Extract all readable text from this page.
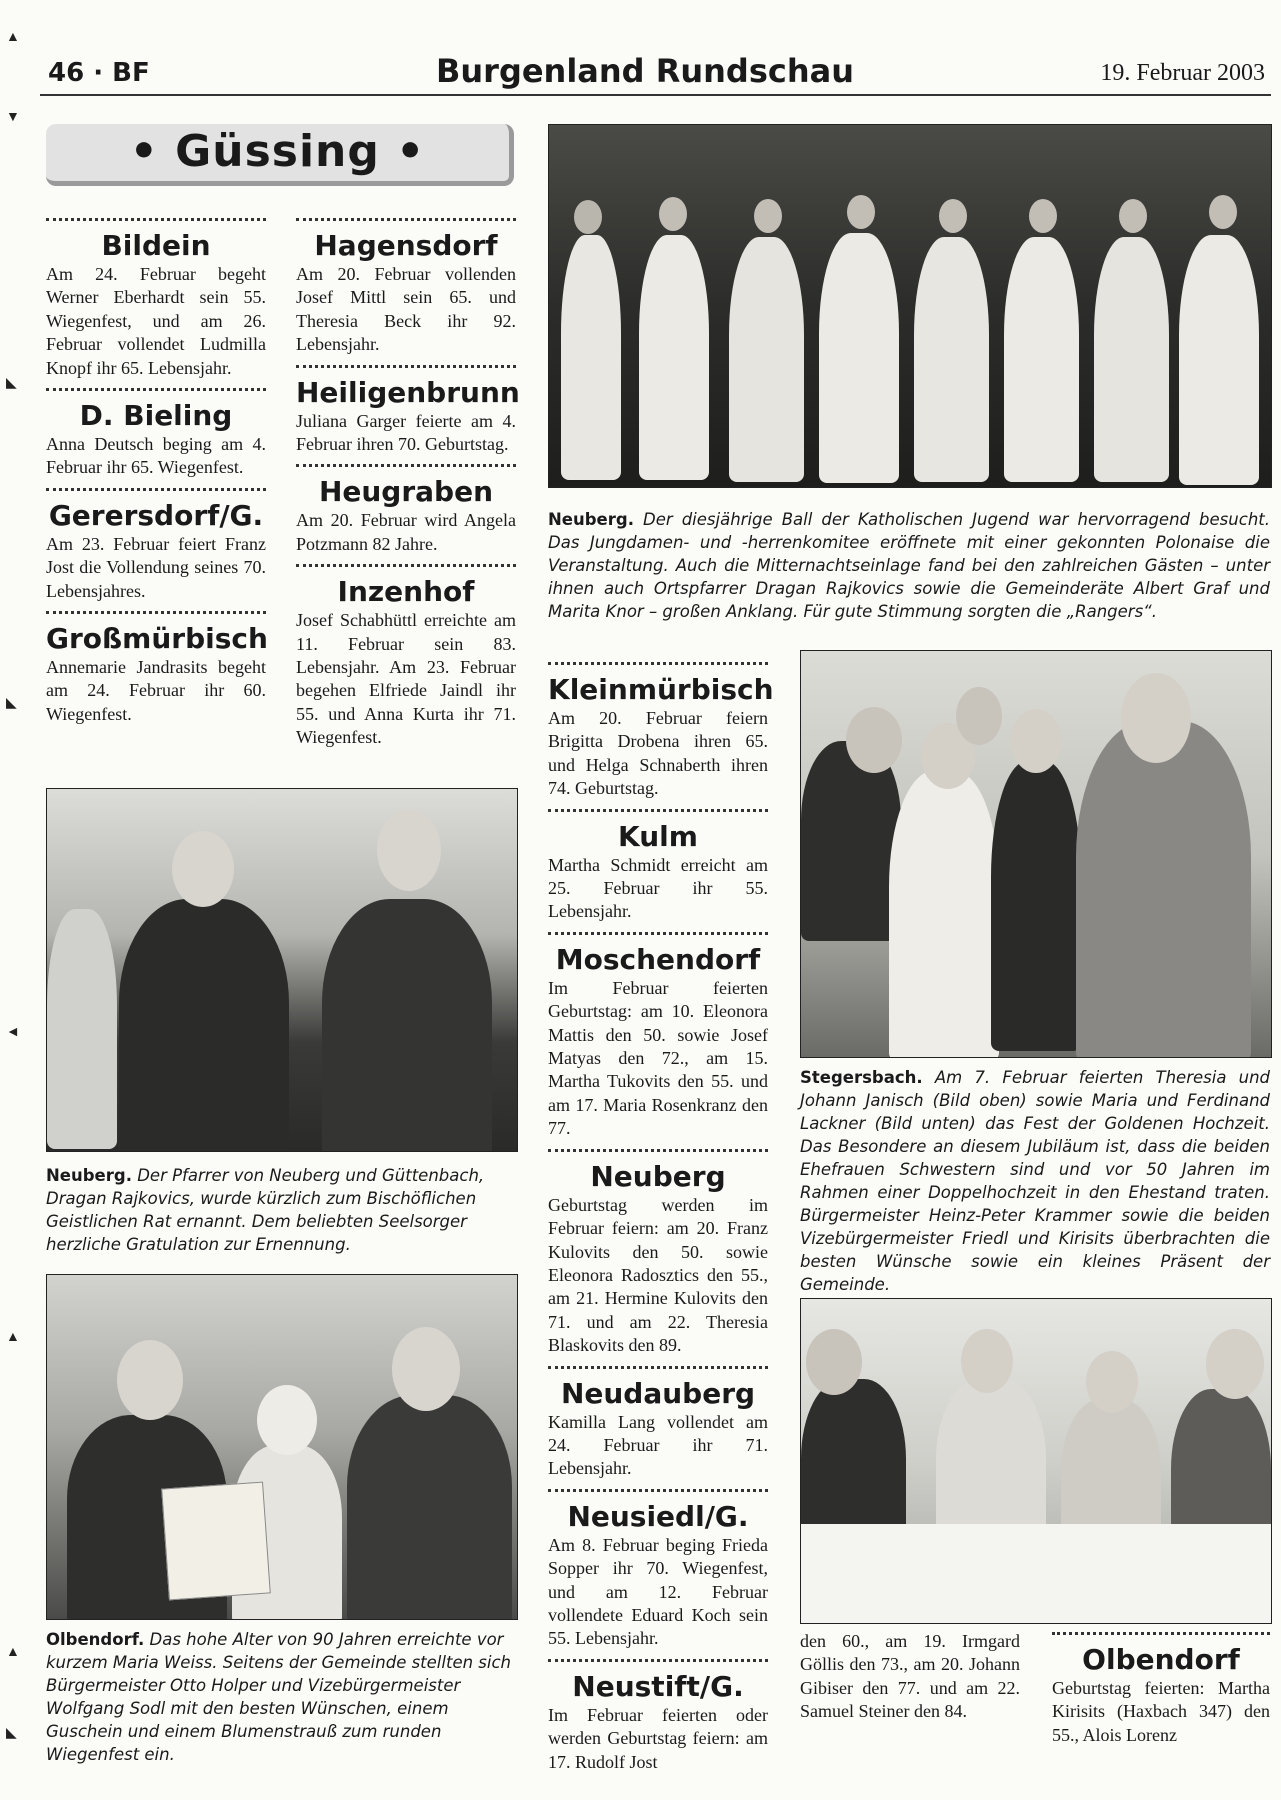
▲
▼
◣
◣
◄
▲
▲
◣
46 · BF	Burgenland Rundschau	19. Februar 2003
• Güssing •
Bildein
Am 24. Februar begeht Werner Eberhardt sein 55. Wiegenfest, und am 26. Februar vollendet Ludmilla Knopf ihr 65. Lebensjahr.
D. Bieling
Anna Deutsch beging am 4. Februar ihr 65. Wiegenfest.
Gerersdorf/G.
Am 23. Februar feiert Franz Jost die Vollendung seines 70. Lebensjahres.
Großmürbisch
Annemarie Jandrasits begeht am 24. Februar ihr 60. Wiegenfest.
Hagensdorf
Am 20. Februar vollenden Josef Mittl sein 65. und Theresia Beck ihr 92. Lebensjahr.
Heiligenbrunn
Juliana Garger feierte am 4. Februar ihren 70. Geburtstag.
Heugraben
Am 20. Februar wird Angela Potzmann 82 Jahre.
Inzenhof
Josef Schabhüttl erreichte am 11. Februar sein 83. Lebensjahr. Am 23. Februar begehen Elfriede Jaindl ihr 55. und Anna Kurta ihr 71. Wiegenfest.
Neuberg. Der diesjährige Ball der Katholischen Jugend war hervorragend besucht. Das Jungdamen- und -herrenkomitee eröffnete mit einer gekonnten Polonaise die Veranstaltung. Auch die Mitternachtseinlage fand bei den zahlreichen Gästen – unter ihnen auch Ortspfarrer Dragan Rajkovics sowie die Gemeinderäte Albert Graf und Marita Knor – großen Anklang. Für gute Stimmung sorgten die „Rangers“.
Kleinmürbisch
Am 20. Februar feiern Brigitta Drobena ihren 65. und Helga Schnaberth ihren 74. Geburtstag.
Kulm
Martha Schmidt erreicht am 25. Februar ihr 55. Lebensjahr.
Moschendorf
Im Februar feierten Geburtstag: am 10. Eleonora Mattis den 50. sowie Josef Matyas den 72., am 15. Martha Tukovits den 55. und am 17. Maria Rosenkranz den 77.
Neuberg
Geburtstag werden im Februar feiern: am 20. Franz Kulovits den 50. sowie Eleonora Radosztics den 55., am 21. Hermine Kulovits den 71. und am 22. Theresia Blaskovits den 89.
Neudauberg
Kamilla Lang vollendet am 24. Februar ihr 71. Lebensjahr.
Neusiedl/G.
Am 8. Februar beging Frieda Sopper ihr 70. Wiegenfest, und am 12. Februar vollendete Eduard Koch sein 55. Lebensjahr.
Neustift/G.
Im Februar feierten oder werden Geburtstag feiern: am 17. Rudolf Jost
Neuberg. Der Pfarrer von Neuberg und Güttenbach, Dragan Rajkovics, wurde kürzlich zum Bischöflichen Geistlichen Rat ernannt. Dem beliebten Seelsorger herzliche Gratulation zur Ernennung.
Olbendorf. Das hohe Alter von 90 Jahren erreichte vor kurzem Maria Weiss. Seitens der Gemeinde stellten sich Bürgermeister Otto Holper und Vizebürgermeister Wolfgang Sodl mit den besten Wünschen, einem Guschein und einem Blumenstrauß zum runden Wiegenfest ein.
Stegersbach. Am 7. Februar feierten Theresia und Johann Janisch (Bild oben) sowie Maria und Ferdinand Lackner (Bild unten) das Fest der Goldenen Hochzeit. Das Besondere an diesem Jubiläum ist, dass die beiden Ehefrauen Schwestern sind und vor 50 Jahren im Rahmen einer Doppelhochzeit in den Ehestand traten. Bürgermeister Heinz-Peter Krammer sowie die beiden Vizebürgermeister Friedl und Kirisits überbrachten die besten Wünsche sowie ein kleines Präsent der Gemeinde.
den 60., am 19. Irmgard Göllis den 73., am 20. Johann Gibiser den 77. und am 22. Samuel Steiner den 84.
Olbendorf
Geburtstag feierten: Martha Kirisits (Haxbach 347) den 55., Alois Lorenz
